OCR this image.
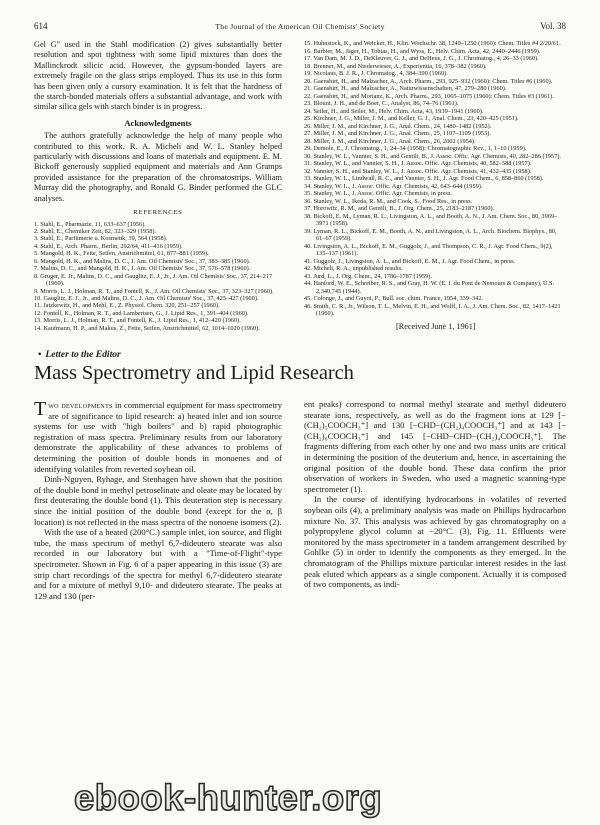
614	The Journal of the American Oil Chemists' Society	Vol. 38

Gel G'' used in the Stahl modification (2) gives substantially better resolution and spot tightness with some lipid mixtures than does the Mallinckrodt silicic acid. However, the gypsum-bonded layers are extremely fragile on the glass strips employed. Thus its use in this form has been given only a cursory examination. It is felt that the hardness of the starch-bonded materials offers a substantial advantage, and work with similar silica gels with starch binder is in progress.

Acknowledgments

The authors gratefully acknowledge the help of many people who contributed to this work. R. A. Micheli and W. L. Stanley helped particularly with discussions and loans of materials and equipment. E. M. Bickoff generously supplied equipment and materials and Ann Gramps provided assistance for the preparation of the chromatostrips. William Murray did the photography, and Ronald G. Binder performed the GLC analyses.

REFERENCES
1. Stahl, E., Pharmazie, 11, 633–637 (1956).
2. Stahl, E., Chemiker Zeit, 82, 323–329 (1958).
3. Stahl, E., Parfümerie u. Kosmetik, 39, 564 (1958).
4. Stahl, E., Arch. Pharm., Berlin, 292/64, 411–416 (1959).
5. Mangold, H. K., Fette, Seifen, Anstrichmittel, 61, 877–881 (1959).
6. Mangold, H. K., and Malins, D. C., J. Am. Oil Chemists' Soc., 37, 383–385 (1960).
7. Malins, D. C., and Mangold, H. K., J. Am. Oil Chemists' Soc., 37, 576–578 (1960).
8. Gruger, E. Jr., Malins, D. C., and Gauglitz, E. J., Jr., J. Am. Oil Chemists' Soc., 37, 214–217 (1960).
9. Morris, L. J., Holman, R. T., and Fontell, K., J. Am. Oil Chemists' Soc., 37, 323–327 (1960).
10. Gauglitz, E. J., Jr., and Malins, D. C., J. Am. Oil Chemists' Soc., 37, 425–427 (1960).
11. Jatzkewitz, H., and Mehl, E., Z. Physiol. Chem. 320, 251–257 (1960).
12. Fontell, K., Holman, R. T., and Lambertsen, G., J. Lipid Res., 1, 391–404 (1960).
13. Morris, L. J., Holman, R. T., and Fontell, K., J. Lipid Res., 1, 412–420 (1960).
14. Kaufmann, H. P., and Makus, Z., Fette, Seifen, Anstrichmittel, 62, 1014–1020 (1960).
15. Huhnstock, K., and Weicker, H., Klin. Wochschr. 38, 1249–1250 (1960): Chem. Titles #4 2/20/61.
16. Barbier, M., Jäger, H., Tobias, H., and Wyss, E., Helv. Chim. Acta, 42, 2440–2446 (1959).
17. Van Dam, M. J. D., DeKleuver, G. J., and DeHeus, J. G., J. Chromatog., 4, 26–33 (1960).
18. Brenner, M., and Niederwieser, A., Experientia, 16, 378–382 (1960).
19. Nicolaus, B. J. R., J. Chromatog., 4, 384–390 (1960).
20. Gaenshirt, H., and Malzacher, A., Arch. Pharm., 293, 925–932 (1960): Chem. Titles #6 (1960).
21. Gaenshirt, H., and Malzacher, A., Naturwissenschaften, 47, 279–280 (1960).
22. Gaenshirt, H., and Morianz, K., Arch. Pharm., 293, 1065–1075 (1960): Chem. Titles #3 (1961).
23. Blount, J. H., and de Boer, C., Analyst, 86, 74–76 (1961).
24. Seiler, H., and Seiler, M., Helv. Chim. Acta, 43, 1939–1941 (1960).
25. Kirchner, J. G., Miller, J. M., and Keller, G. J., Anal. Chem., 23, 420–425 (1951).
26. Miller, J. M., and Kirchner, J. G., Anal. Chem., 24, 1480–1482 (1952).
27. Miller, J. M., and Kirchner, J. G., Anal. Chem., 25, 1107–1109 (1953).
28. Miller, J. M., and Kirchner, J. G., Anal. Chem., 26, 2002 (1954).
29. Demole, E., J. Chromatog., 1, 24–34 (1958): Chromatographic Rev., 1, 1–10 (1959).
30. Stanley, W. L., Vannier, S. H., and Gentili, B., J. Assoc. Offic. Agr. Chemists, 40, 282–286 (1957).
31. Stanley, W. L., and Vannier, S. H., J. Assoc. Offic. Agr. Chemists, 40, 582–588 (1957).
32. Vannier, S. H., and Stanley, W. L., J. Assoc. Offic. Agr. Chemists, 41, 432–435 (1958).
33. Stanley, W. L., Lindwall, R. C., and Vannier, S. H., J. Agr. Food Chem., 6, 858–860 (1958).
34. Stanley, W. L., J. Assoc. Offic. Agr. Chemists, 42, 643–644 (1959).
35. Stanley, W. L., J. Assoc. Offic. Agr. Chemists, in press.
36. Stanley, W. L., Ikeda, R. M., and Cook, S., Food Res., in press.
37. Horowitz, R. M., and Gentili, B., J. Org. Chem., 25, 2183–2187 (1960).
38. Bickoff, E. M., Lyman, R. L., Livingston, A. L., and Booth, A. N., J. Am. Chem. Soc., 80, 3969–3971 (1958).
39. Lyman, R. L., Bickoff, E. M., Booth, A. N., and Livingston, A. L., Arch. Biochem. Biophys., 80, 61–67 (1959).
40. Livingston, A. L., Bickoff, E. M., Guggolz, J., and Thompson, C. R., J. Agr. Food Chem., 9(2), 135–137 (1961).
41. Guggolz, J., Livingston, A. L., and Bickoff, E. M., J. Agr. Food Chem., in press.
42. Micheli, R. A., unpublished results.
43. Jurd, L., J. Org. Chem., 24, 1786–1787 (1959).
44. Hanford, W. E., Schreiber, R. S., and Gray, H. W. (E. I. du Pont de Nemours & Company), U.S. 2,340,745 (1944).
45. Colonge, J., and Guyot, P., Bull. soc. chim. France, 1954, 339–342.
46. Smith, C. R., Jr., Wilson, T. L., Melvin, E. H., and Wolff, I. A., J. Am. Chem. Soc., 82, 1417–1421 (1960).
[Received June 1, 1961]
• Letter to the Editor
Mass Spectrometry and Lipid Research

Two developments in commercial equipment for mass spectrometry are of significance to lipid research: a) heated inlet and ion source systems for use with "high boilers" and b) rapid photographic registration of mass spectra. Preliminary results from our laboratory demonstrate the applicability of these advances to problems of determining the position of double bonds in monoenes and of identifying volatiles from reverted soybean oil.

Dinh-Nguyen, Ryhage, and Stenhagen have shown that the position of the double bond in methyl petroselinate and oleate may be located by first deuterating the double bond (1). This deuteration step is necessary since the initial position of the double bond (except for the α, β location) is not reflected in the mass spectra of the nonoene isomers (2).

With the use of a heated (200°C.) sample inlet, ion source, and flight tube, the mass spectrum of methyl 6,7-dideutero stearate was also recorded in our laboratory but with a "Time-of-Flight"-type spectrometer. Shown in Fig. 6 of a paper appearing in this issue (3) are strip chart recordings of the spectra for methyl 6,7-dideutero stearate and for a mixture of methyl 9,10- and dideutero stearate. The peaks at 129 and 130 (per-

ent peaks) correspond to normal methyl stearate and methyl dideutero stearate ions, respectively, as well as do the fragment ions at 129 [−(CH₂)₅COOCH₃⁺] and 130 [−CHD−(CH₂)₄COOCH₃⁺] and at 143 [−(CH₂)₆COOCH₃⁺] and 145 [−CHD−CHD−(CH₂)₄COOCH₃⁺]. The fragments differing from each other by one and two mass units are critical in determining the position of the deuterium and, hence, in ascertaining the original position of the double bond. These data confirm the prior observation of workers in Sweden, who used a magnetic scanning-type spectrometer (1).

In the course of identifying hydrocarbons in volatiles of reverted soybean oils (4), a preliminary analysis was made on Phillips hydrocarbon mixture No. 37. This analysis was achieved by gas chromatography on a polypropylene glycol column at −20°C. (3), Fig. 11. Effluents were monitored by the mass spectrometer in a tandem arrangement described by Gohlke (5) in order to identify the components as they emerged. In the chromatogram of the Phillips mixture particular interest resides in the last peak eluted which appears as a single component. Actually it is composed of two components, as indi-

ebook-hunter.org
